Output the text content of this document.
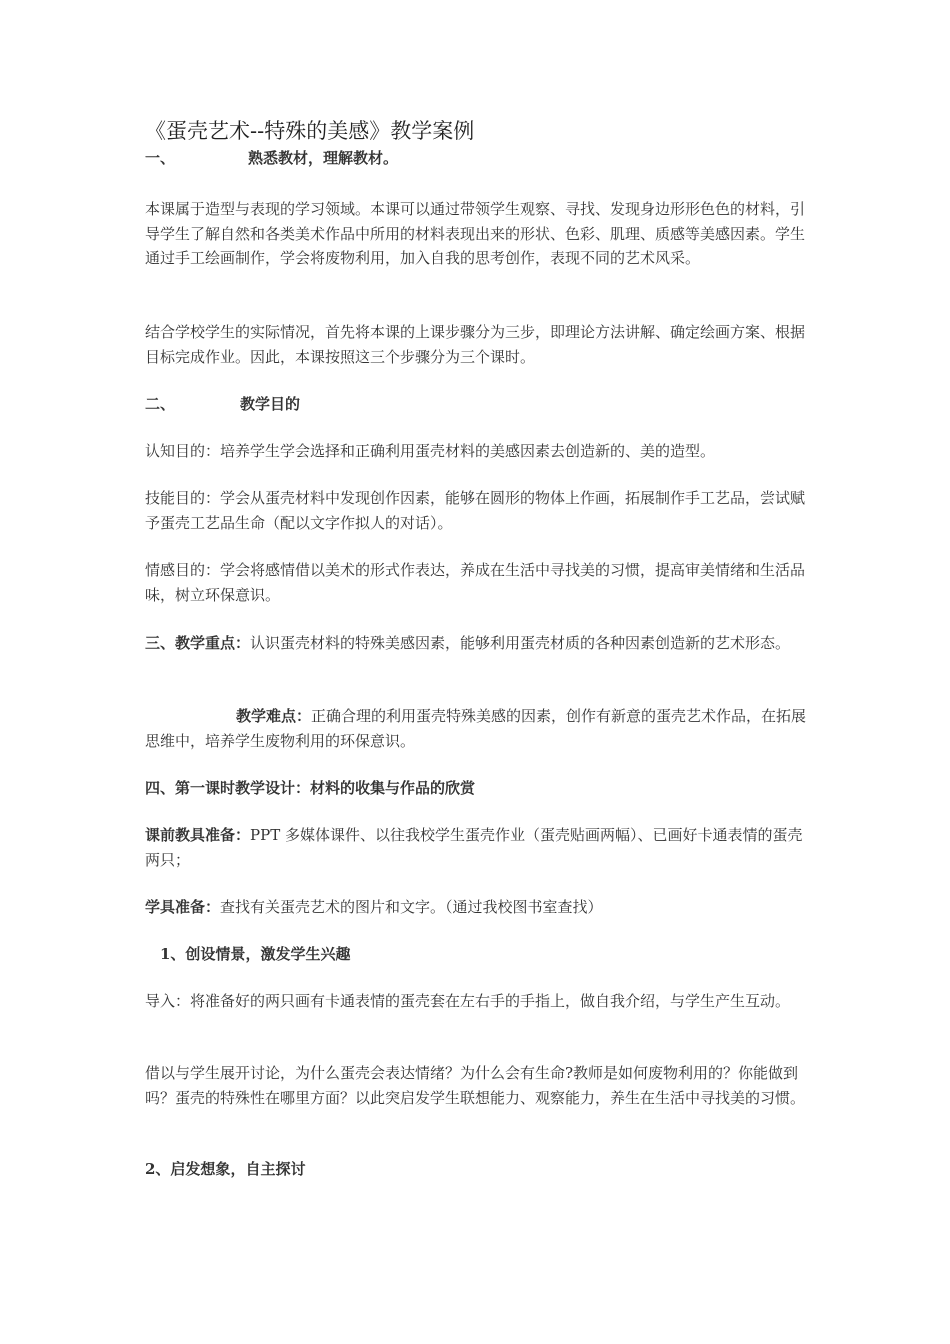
《蛋壳艺术--特殊的美感》教学案例
一、	熟悉教材，理解教材。
本课属于造型与表现的学习领域。本课可以通过带领学生观察、寻找、发现身边形形色色的材料，引导学生了解自然和各类美术作品中所用的材料表现出来的形状、色彩、肌理、质感等美感因素。学生通过手工绘画制作，学会将废物利用，加入自我的思考创作，表现不同的艺术风采。
结合学校学生的实际情况，首先将本课的上课步骤分为三步，即理论方法讲解、确定绘画方案、根据目标完成作业。因此，本课按照这三个步骤分为三个课时。
二、	教学目的
认知目的：培养学生学会选择和正确利用蛋壳材料的美感因素去创造新的、美的造型。
技能目的：学会从蛋壳材料中发现创作因素，能够在圆形的物体上作画，拓展制作手工艺品，尝试赋予蛋壳工艺品生命（配以文字作拟人的对话）。
情感目的：学会将感情借以美术的形式作表达，养成在生活中寻找美的习惯，提高审美情绪和生活品味，树立环保意识。
三、教学重点：认识蛋壳材料的特殊美感因素，能够利用蛋壳材质的各种因素创造新的艺术形态。
教学难点：正确合理的利用蛋壳特殊美感的因素，创作有新意的蛋壳艺术作品，在拓展思维中，培养学生废物利用的环保意识。
四、第一课时教学设计：材料的收集与作品的欣赏
课前教具准备：PPT 多媒体课件、以往我校学生蛋壳作业（蛋壳贴画两幅）、已画好卡通表情的蛋壳两只；
学具准备：查找有关蛋壳艺术的图片和文字。（通过我校图书室查找）
1、创设情景，激发学生兴趣
导入：将准备好的两只画有卡通表情的蛋壳套在左右手的手指上，做自我介绍，与学生产生互动。
借以与学生展开讨论，为什么蛋壳会表达情绪？为什么会有生命?教师是如何废物利用的？你能做到吗？蛋壳的特殊性在哪里方面？以此突启发学生联想能力、观察能力，养生在生活中寻找美的习惯。
2、启发想象，自主探讨
